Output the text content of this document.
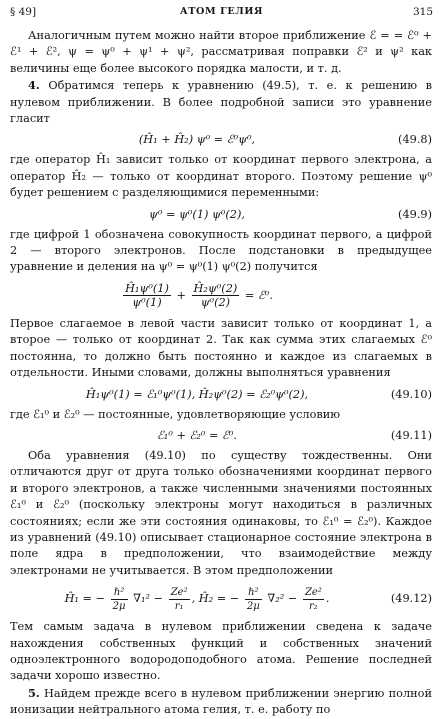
§ 49]	АТОМ ГЕЛИЯ	315

Аналогичным путем можно найти второе приближение ℰ = = ℰ⁰ + ℰ¹ + ℰ², ψ = ψ⁰ + ψ¹ + ψ², рассматривая поправки ℰ² и ψ² как величины еще более высокого порядка малости, и т. д.

4. Обратимся теперь к уравнению (49.5), т. е. к решению в нулевом приближении. В более подробной записи это уравнение гласит

(Ĥ₁ + Ĥ₂) ψ⁰ = ℰ⁰ψ⁰,	(49.8)

где оператор Ĥ₁ зависит только от координат первого электрона, а оператор Ĥ₂ — только от координат второго. Поэтому решение ψ⁰ будет решением с разделяющимися переменными:

ψ⁰ = ψ⁰(1) ψ⁰(2),	(49.9)

где цифрой 1 обозначена совокупность координат первого, а цифрой 2 — второго электронов. После подстановки в предыдущее уравнение и деления на ψ⁰ = ψ⁰(1) ψ⁰(2) получится

$\frac{\text{Ĥ₁ψ⁰(1)}}{\text{ψ⁰(1)}} + \frac{\text{Ĥ₂ψ⁰(2)}}{\text{ψ⁰(2)}}$ = ℰ⁰.

Первое слагаемое в левой части зависит только от координат 1, а второе — только от координат 2. Так как сумма этих слагаемых ℰ⁰ постоянна, то должно быть постоянно и каждое из слагаемых в отдельности. Иными словами, должны выполняться уравнения

Ĥ₁ψ⁰(1) = ℰ₁⁰ψ⁰(1), Ĥ₂ψ⁰(2) = ℰ₂⁰ψ⁰(2),	(49.10)

где ℰ₁⁰ и ℰ₂⁰ — постоянные, удовлетворяющие условию

ℰ₁⁰ + ℰ₂⁰ = ℰ⁰.	(49.11)

Оба уравнения (49.10) по существу тождественны. Они отличаются друг от друга только обозначениями координат первого и второго электронов, а также численными значениями постоянных ℰ₁⁰ и ℰ₂⁰ (поскольку электроны могут находиться в различных состояниях; если же эти состояния одинаковы, то ℰ₁⁰ = ℰ₂⁰). Каждое из уравнений (49.10) описывает стационарное состояние электрона в поле ядра в предположении, что взаимодействие между электронами не учитывается. В этом предположении

Ĥ₁ = − $\frac{\text{ℏ²}}{2\mu} \nabla_1^2 - \frac{\text{Ze²}}{\text{r₁}}$ , Ĥ₂ = − $\frac{\text{ℏ²}}{2\mu} \nabla_2^2 - \frac{\text{Ze²}}{\text{r₂}}$ .	(49.12)

Тем самым задача в нулевом приближении сведена к задаче нахождения собственных функций и собственных значений одноэлектронного водородоподобного атома. Решение последней задачи хорошо известно.

5. Найдем прежде всего в нулевом приближении энергию полной ионизации нейтрального атома гелия, т. е. работу по
